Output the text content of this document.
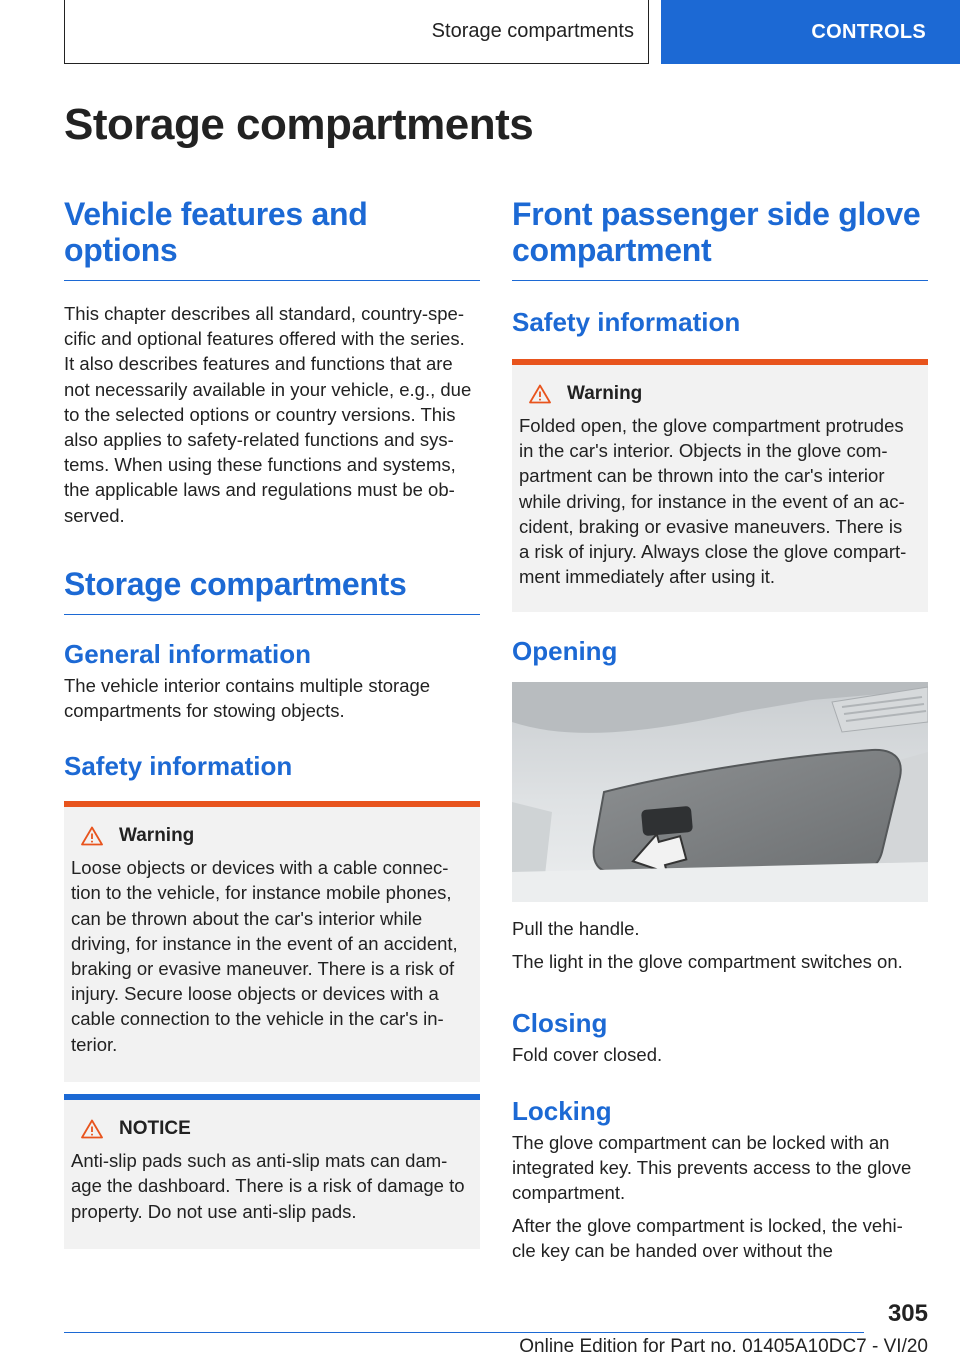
Storage compartments	CONTROLS
Storage compartments
Vehicle features and
options

This chapter describes all standard, country-spe-
cific and optional features offered with the series.
It also describes features and functions that are
not necessarily available in your vehicle, e.g., due
to the selected options or country versions. This
also applies to safety-related functions and sys-
tems. When using these functions and systems,
the applicable laws and regulations must be ob-
served.

Storage compartments
General information

The vehicle interior contains multiple storage
compartments for stowing objects.

Safety information
Warning

Loose objects or devices with a cable connec-
tion to the vehicle, for instance mobile phones,
can be thrown about the car's interior while
driving, for instance in the event of an accident,
braking or evasive maneuver. There is a risk of
injury. Secure loose objects or devices with a
cable connection to the vehicle in the car's in-
terior.

NOTICE

Anti-slip pads such as anti-slip mats can dam-
age the dashboard. There is a risk of damage to
property. Do not use anti-slip pads.

Front passenger side glove
compartment
Safety information
Warning

Folded open, the glove compartment protrudes
in the car's interior. Objects in the glove com-
partment can be thrown into the car's interior
while driving, for instance in the event of an ac-
cident, braking or evasive maneuvers. There is
a risk of injury. Always close the glove compart-
ment immediately after using it.

Opening

Pull the handle.

The light in the glove compartment switches on.

Closing

Fold cover closed.

Locking

The glove compartment can be locked with an
integrated key. This prevents access to the glove
compartment.

After the glove compartment is locked, the vehi-
cle key can be handed over without the

305
Online Edition for Part no. 01405A10DC7 - VI/20
